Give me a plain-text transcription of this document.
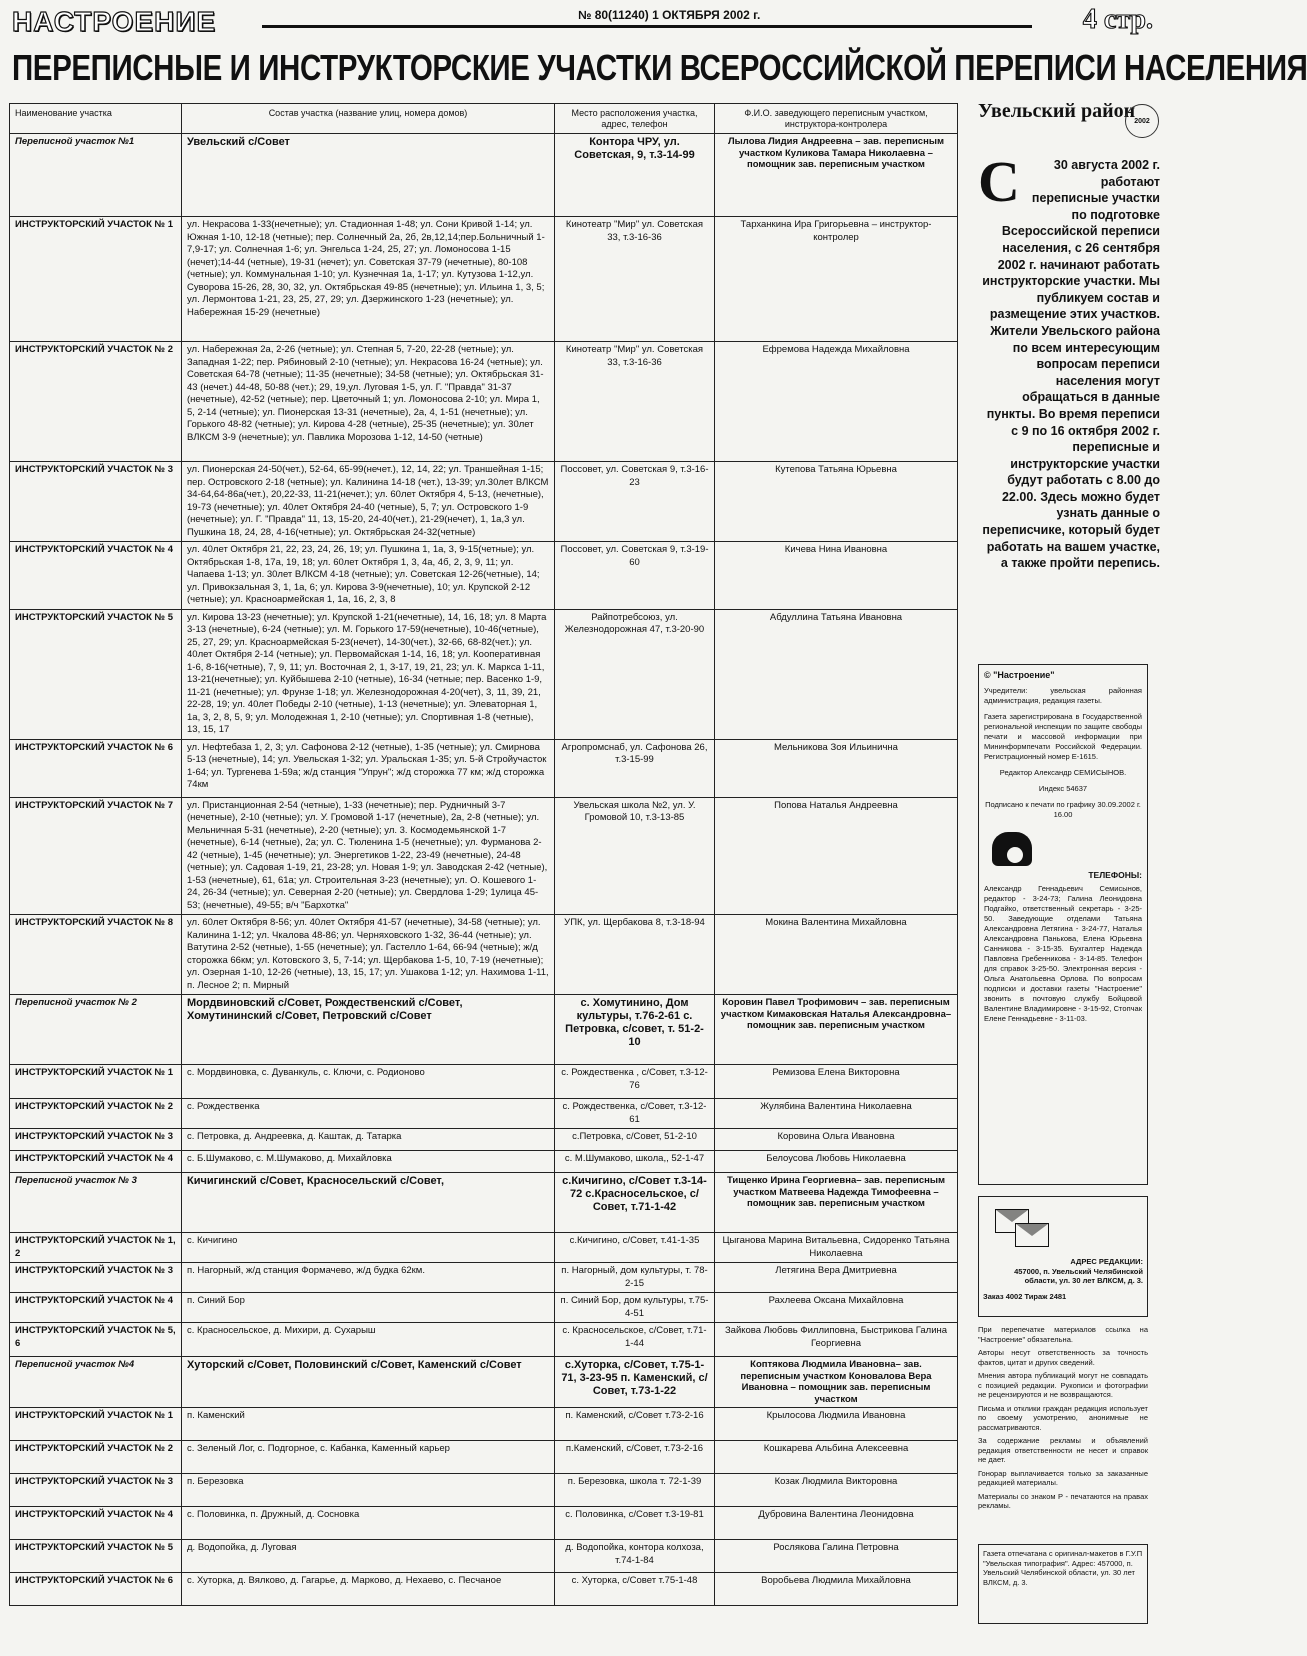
НАСТРОЕНИЕ	№ 80(11240) 1 ОКТЯБРЯ 2002 г.	4 стр.
ПЕРЕПИСНЫЕ И ИНСТРУКТОРСКИЕ УЧАСТКИ ВСЕРОССИЙСКОЙ ПЕРЕПИСИ НАСЕЛЕНИЯ
Наименование участка	Состав участка (название улиц, номера домов)	Место расположения участка, адрес, телефон	Ф.И.О. заведующего переписным участком, инструктора-контролера
Переписной участок №1	Увельский с/Совет	Контора ЧРУ, ул. Советская, 9, т.3-14-99	Лылова Лидия Андреевна – зав. переписным участком Куликова Тамара Николаевна – помощник зав. переписным участком
ИНСТРУКТОРСКИЙ УЧАСТОК № 1	ул. Некрасова 1-33(нечетные); ул. Стадионная 1-48; ул. Сони Кривой 1-14; ул. Южная 1-10, 12-18 (четные); пер. Солнечный 2а, 2б, 2в,12,14;пер.Больничный 1-7,9-17; ул. Солнечная 1-6; ул. Энгельса 1-24, 25, 27; ул. Ломоносова 1-15 (нечет);14-44 (четные), 19-31 (нечет); ул. Советская 37-79 (нечетные), 80-108 (четные); ул. Коммунальная 1-10; ул. Кузнечная 1а, 1-17; ул. Кутузова 1-12,ул. Суворова 15-26, 28, 30, 32, ул. Октябрьская 49-85 (нечетные); ул. Ильина 1, 3, 5; ул. Лермонтова 1-21, 23, 25, 27, 29; ул. Дзержинского 1-23 (нечетные); ул. Набережная 15-29 (нечетные)	Кинотеатр "Мир" ул. Советская 33, т.3-16-36	Тарханкина Ира Григорьевна – инструктор-контролер
ИНСТРУКТОРСКИЙ УЧАСТОК № 2	ул. Набережная 2а, 2-26 (четные); ул. Степная 5, 7-20, 22-28 (четные); ул. Западная 1-22; пер. Рябиновый 2-10 (четные); ул. Некрасова 16-24 (четные); ул. Советская 64-78 (четные); 11-35 (нечетные); 34-58 (четные); ул. Октябрьская 31-43 (нечет.) 44-48, 50-88 (чет.); 29, 19,ул. Луговая 1-5, ул. Г. "Правда" 31-37 (нечетные), 42-52 (четные); пер. Цветочный 1; ул. Ломоносова 2-10; ул. Мира 1, 5, 2-14 (четные); ул. Пионерская 13-31 (нечетные), 2а, 4, 1-51 (нечетные); ул. Горького 48-82 (четные); ул. Кирова 4-28 (четные), 25-35 (нечетные); ул. 30лет ВЛКСМ 3-9 (нечетные); ул. Павлика Морозова 1-12, 14-50 (четные)	Кинотеатр "Мир" ул. Советская 33, т.3-16-36	Ефремова Надежда Михайловна
ИНСТРУКТОРСКИЙ УЧАСТОК № 3	ул. Пионерская 24-50(чет.), 52-64, 65-99(нечет.), 12, 14, 22; ул. Траншейная 1-15; пер. Островского 2-18 (четные); ул. Калинина 14-18 (чет.), 13-39; ул.30лет ВЛКСМ 34-64,64-86а(чет.), 20,22-33, 11-21(нечет.); ул. 60лет Октября 4, 5-13, (нечетные), 19-73 (нечетные); ул. 40лет Октября 24-40 (четные), 5, 7; ул. Островского 1-9 (нечетные); ул. Г. "Правда" 11, 13, 15-20, 24-40(чет.), 21-29(нечет), 1, 1а,3 ул. Пушкина 18, 24, 28, 4-16(четные); ул. Октябрьская 24-32(четные)	Поссовет, ул. Советская 9, т.3-16-23	Кутепова Татьяна Юрьевна
ИНСТРУКТОРСКИЙ УЧАСТОК № 4	ул. 40лет Октября 21, 22, 23, 24, 26, 19; ул. Пушкина 1, 1а, 3, 9-15(четные); ул. Октябрьская 1-8, 17а, 19, 18; ул. 60лет Октября 1, 3, 4а, 4б, 2, 3, 9, 11; ул. Чапаева 1-13; ул. 30лет ВЛКСМ 4-18 (четные); ул. Советская 12-26(четные), 14; ул. Привокзальная 3, 1, 1а, 6; ул. Кирова 3-9(нечетные), 10; ул. Крупской 2-12 (четные); ул. Красноармейская 1, 1а, 16, 2, 3, 8	Поссовет, ул. Советская 9, т.3-19-60	Кичева Нина Ивановна
ИНСТРУКТОРСКИЙ УЧАСТОК № 5	ул. Кирова 13-23 (нечетные); ул. Крупской 1-21(нечетные), 14, 16, 18; ул. 8 Марта 3-13 (нечетные), 6-24 (четные); ул. М. Горького 17-59(нечетные), 10-46(четные), 25, 27, 29; ул. Красноармейская 5-23(нечет), 14-30(чет.), 32-66, 68-82(чет.); ул. 40лет Октября 2-14 (четные); ул. Первомайская 1-14, 16, 18; ул. Кооперативная 1-6, 8-16(четные), 7, 9, 11; ул. Восточная 2, 1, 3-17, 19, 21, 23; ул. К. Маркса 1-11, 13-21(нечетные); ул. Куйбышева 2-10 (четные), 16-34 (четные; пер. Васенко 1-9, 11-21 (нечетные); ул. Фрунзе 1-18; ул. Железнодорожная 4-20(чет), 3, 11, 39, 21, 22-28, 19; ул. 40лет Победы 2-10 (четные), 1-13 (нечетные); ул. Элеваторная 1, 1а, 3, 2, 8, 5, 9; ул. Молодежная 1, 2-10 (четные); ул. Спортивная 1-8 (четные), 13, 15, 17	Райпотребсоюз, ул. Железнодорожная 47, т.3-20-90	Абдуллина Татьяна Ивановна
ИНСТРУКТОРСКИЙ УЧАСТОК № 6	ул. Нефтебаза 1, 2, 3; ул. Сафонова 2-12 (четные), 1-35 (четные); ул. Смирнова 5-13 (нечетные), 14; ул. Увельская 1-32; ул. Уральская 1-35; ул. 5-й Стройучасток 1-64; ул. Тургенева 1-59а; ж/д станция "Упрун"; ж/д сторожка 77 км; ж/д сторожка 74км	Агропромснаб, ул. Сафонова 26, т.3-15-99	Мельникова Зоя Ильинична
ИНСТРУКТОРСКИЙ УЧАСТОК № 7	ул. Пристанционная 2-54 (четные), 1-33 (нечетные); пер. Рудничный 3-7 (нечетные), 2-10 (четные); ул. У. Громовой 1-17 (нечетные), 2а, 2-8 (четные); ул. Мельничная 5-31 (нечетные), 2-20 (четные); ул. 3. Космодемьянской 1-7 (нечетные), 6-14 (четные), 2а; ул. С. Тюленина 1-5 (нечетные); ул. Фурманова 2-42 (четные), 1-45 (нечетные); ул. Энергетиков 1-22, 23-49 (нечетные), 24-48 (четные); ул. Садовая 1-19, 21, 23-28; ул. Новая 1-9; ул. Заводская 2-42 (четные), 1-53 (нечетные), 61, 61а; ул. Строительная 3-23 (нечетные); ул. О. Кошевого 1-24, 26-34 (четные); ул. Северная 2-20 (четные); ул. Свердлова 1-29; 1улица 45-53; (нечетные), 49-55; в/ч "Бархотка"	Увельская школа №2, ул. У. Громовой 10, т.3-13-85	Попова Наталья Андреевна
ИНСТРУКТОРСКИЙ УЧАСТОК № 8	ул. 60лет Октября 8-56; ул. 40лет Октября 41-57 (нечетные), 34-58 (четные); ул. Калинина 1-12; ул. Чкалова 48-86; ул. Черняховского 1-32, 36-44 (четные); ул. Ватутина 2-52 (четные), 1-55 (нечетные); ул. Гастелло 1-64, 66-94 (четные); ж/д сторожка 66км; ул. Котовского 3, 5, 7-14; ул. Щербакова 1-5, 10, 7-19 (нечетные); ул. Озерная 1-10, 12-26 (четные), 13, 15, 17; ул. Ушакова 1-12; ул. Нахимова 1-11, п. Лесное 2; п. Мирный	УПК, ул. Щербакова 8, т.3-18-94	Мокина Валентина Михайловна
Переписной участок № 2	Мордвиновский с/Совет, Рождественский с/Совет, Хомутининский с/Совет, Петровский с/Совет	с. Хомутинино, Дом культуры, т.76-2-61 с. Петровка, с/совет, т. 51-2-10	Коровин Павел Трофимович – зав. переписным участком Кимаковская Наталья Александровна– помощник зав. переписным участком
ИНСТРУКТОРСКИЙ УЧАСТОК № 1	с. Мордвиновка, с. Дуванкуль, с. Ключи, с. Родионово	с. Рождественка , с/Совет, т.3-12-76	Ремизова Елена Викторовна
ИНСТРУКТОРСКИЙ УЧАСТОК № 2	с. Рождественка	с. Рождественка, с/Совет, т.3-12-61	Жулябина Валентина Николаевна
ИНСТРУКТОРСКИЙ УЧАСТОК № 3	с. Петровка, д. Андреевка, д. Каштак, д. Татарка	с.Петровка, с/Совет, 51-2-10	Коровина Ольга Ивановна
ИНСТРУКТОРСКИЙ УЧАСТОК № 4	с. Б.Шумаково, с. М.Шумаково, д. Михайловка	с. М.Шумаково, школа,, 52-1-47	Белоусова Любовь Николаевна
Переписной участок № 3	Кичигинский с/Совет, Красносельский с/Совет,	с.Кичигино, с/Совет т.3-14-72 с.Красносельское, с/ Совет, т.71-1-42	Тищенко Ирина Георгиевна– зав. переписным участком Матвеева Надежда Тимофеевна – помощник зав. переписным участком
ИНСТРУКТОРСКИЙ УЧАСТОК № 1, 2	с. Кичигино	с.Кичигино, с/Совет, т.41-1-35	Цыганова Марина Витальевна, Сидоренко Татьяна Николаевна
ИНСТРУКТОРСКИЙ УЧАСТОК № 3	п. Нагорный, ж/д станция Формачево, ж/д будка 62км.	п. Нагорный, дом культуры, т. 78-2-15	Летягина Вера Дмитриевна
ИНСТРУКТОРСКИЙ УЧАСТОК № 4	п. Синий Бор	п. Синий Бор, дом культуры, т.75-4-51	Рахлеева Оксана Михайловна
ИНСТРУКТОРСКИЙ УЧАСТОК № 5, 6	с. Красносельское, д. Михири, д. Сухарыш	с. Красносельское, с/Совет, т.71-1-44	Зайкова Любовь Филлиповна, Быстрикова Галина Георгиевна
Переписной участок №4	Хуторский с/Совет, Половинский с/Совет, Каменский с/Совет	с.Хуторка, с/Совет, т.75-1-71, 3-23-95 п. Каменский, с/Совет, т.73-1-22	Коптякова Людмила Ивановна– зав. переписным участком Коновалова Вера Ивановна – помощник зав. переписным участком
ИНСТРУКТОРСКИЙ УЧАСТОК № 1	п. Каменский	п. Каменский, с/Совет т.73-2-16	Крылосова Людмила Ивановна
ИНСТРУКТОРСКИЙ УЧАСТОК № 2	с. Зеленый Лог, с. Подгорное, с. Кабанка, Каменный карьер	п.Каменский, с/Совет, т.73-2-16	Кошкарева Альбина Алексеевна
ИНСТРУКТОРСКИЙ УЧАСТОК № 3	п. Березовка	п. Березовка, школа т. 72-1-39	Козак Людмила Викторовна
ИНСТРУКТОРСКИЙ УЧАСТОК № 4	с. Половинка, п. Дружный, д. Сосновка	с. Половинка, с/Совет т.3-19-81	Дубровина Валентина Леонидовна
ИНСТРУКТОРСКИЙ УЧАСТОК № 5	д. Водопойка, д. Луговая	д. Водопойка, контора колхоза, т.74-1-84	Рослякова Галина Петровна
ИНСТРУКТОРСКИЙ УЧАСТОК № 6	с. Хуторка, д. Вялково, д. Гагарье, д. Марково, д. Нехаево, с. Песчаное	с. Хуторка, с/Совет т.75-1-48	Воробьева Людмила Михайловна
Увельский район 2002
С	30 августа 2002 г. работают переписные участки по подготовке Всероссийской переписи населения, с 26 сентября 2002 г. начинают работать инструкторские участки. Мы публикуем состав и размещение этих участков. Жители Увельского района по всем интересующим вопросам переписи населения могут обращаться в данные пункты. Во время переписи с 9 по 16 октября 2002 г. переписные и инструкторские участки будут работать с 8.00 до 22.00. Здесь можно будет узнать данные о переписчике, который будет работать на вашем участке, а также пройти перепись.
© "Настроение"

Учредители: увельская районная администрация, редакция газеты.

Газета зарегистрирована в Государственной региональной инспекции по защите свободы печати и массовой информации при Мининформпечати Российской Федерации. Регистрационный номер Е-1615.

Редактор Александр СЕМИСЫНОВ.

Индекс 54637

Подписано к печати по графику 30.09.2002 г. 16.00

ТЕЛЕФОНЫ:

Александр Геннадьевич Семисынов, редактор - 3-24-73; Галина Леонидовна Подгайко, ответственный секретарь - 3-25-50. Заведующие отделами Татьяна Александровна Летягина - 3-24-77, Наталья Александровна Панькова, Елена Юрьевна Санникова - 3-15-35. Бухгалтер Надежда Павловна Гребенникова - 3-14-85. Телефон для справок 3-25-50. Электронная версия - Ольга Анатольевна Орлова. По вопросам подписки и доставки газеты "Настроение" звонить в почтовую службу Бойцовой Валентине Владимировне - 3-15-92, Стопчак Елене Геннадьевне - 3-11-03.

АДРЕС РЕДАКЦИИ:
457000, п. Увельский Челябинской области, ул. 30 лет ВЛКСМ, д. 3.
Заказ 4002 Тираж 2481

При перепечатке материалов ссылка на "Настроение" обязательна.

Авторы несут ответственность за точность фактов, цитат и других сведений.

Мнения автора публикаций могут не совпадать с позицией редакции. Рукописи и фотографии не рецензируются и не возвращаются.

Письма и отклики граждан редакция использует по своему усмотрению, анонимные не рассматриваются.

За содержание рекламы и объявлений редакция ответственности не несет и справок не дает.

Гонорар выплачивается только за заказанные редакцией материалы.

Материалы со знаком Р - печатаются на правах рекламы.

Газета отпечатана с оригинал-макетов в Г.У.П "Увельская типография". Адрес: 457000, п. Увельский Челябинской области, ул. 30 лет ВЛКСМ, д. 3.
